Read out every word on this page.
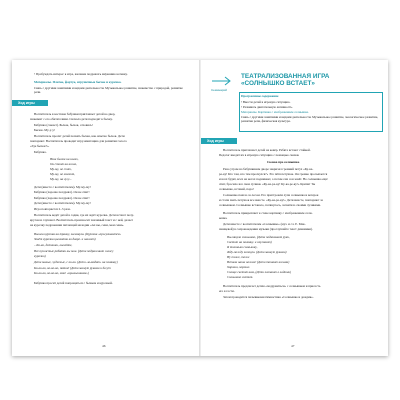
• Пробуждать интерес к игре, желание подражать мяуканию котенку.
Материалы. Платок, фартук, игрушечные бычок и курочка.
Связь с другими занятиями и видами деятельности. Музыкальное развитие, знакомство с природой, развитие речи.
Ход игры
Воспитатель в костюме бабушки приглашает детей во двор,
знакомит с его обитателями. Сначала дети подходят к бычку.
Бабушка (сажает). Бычок, бычок, отзовись!
Бычок. Му-у-у!
Воспитатель просит детей позвать бычка, как опытно бычок. Дети
повторяют. Воспитатель проводит игру-имитацию для развития голоса
«Где бычок?».
Бабушка.
Наш бычок на ногах,
Он стоит на ногах,
Му-му, не спит,
Му-му, не молчит,
Му-му, на лугу...
Дети (вместе с воспитателем). Му-му-му!
Бабушка (хорошо поздравл). Он не спит!
Бабушка (хорошо поздравл). Он не спит!
Дети (вместе с воспитателем). Му-му-му!
Игра повторяется 2–3 раза.
Воспитатель ведёт детей в садик, где их ждёт курочка. Дети встают полу-
кругом и слушают. Воспитатель произносит значимый текст и с ней, делает
на курочку подражания читающей мелодии «Ах вы, сени, мои сени».
Вышла курочка на травку, заглянула. (Курочка «прогуливается»
Зовёт курочка цыпляток во дворе. и шагает)
– Ко-ко, детишки, выпейте,
Все пушистые ребятки вы мои. (Дети подражают голосу
курочки)
Дети малые, чудесные, с ко-ко. (Дети «выходят» на полянку)
Ко-ко-ко, ко-ко-ко, пятки! (Дети машут руками и бегут
Ко-ко-ко, ко-ко-ко, мои! «крылышками»)
Бабушка просит детей попрощаться с бычком и курочкой.
46
Семинарий
ТЕАТРАЛИЗОВАННАЯ ИГРА
«СОЛНЫШКО ВСТАЕТ»
Программное содержание
• Ввести детей в игровую ситуацию.
• Развивать двигательную активность.
Материалы. Картинка с изображением солнышка.
Связь с другими занятиями и видами деятельности. Музыкальное развитие, экологическое развитие, развитие речи, физическая культура.
Ход игры
Воспитатель приглашает детей на ковёр. Ребята встают стайкой.
Педагог вводит их в игровую ситуацию с помощью сказки.
Сказка про солнышко
Рано утром на бабушкином дворе закричал громкий петух «Ку-ка-
ре-ку! Кто там, кто там проснулся?» Это пётя петушок. Он громко просыпается
и всех будит, всех на ногах поднимает, а потом сам сон зовёт. Но солнышко ещё
спит, бросило все свои лучики. «Ку-ка-ре-ку! Ку-ка-ре-ку!» Кричит Ты
солнышко, вставай, пора!
Солнышко пошло за лесом. Его пристроили лучи солнышка и ветерок
и стали звать петушок все вместе. «Ку-ка-ре-ку!» Дети вместе, повторяют за
солнышком. Солнышко вставало, потянулось, засветило своими лучиками.
Воспитатель прикрепляет к стене картинку с изображением солн-
ышка.
Дети вместе с воспитателем «Солнышко» (муз. и сл. Е. Мак-
шанцевой) в сопровождении музыки (прослушайте текст динамики).
Выглянуло солнышко, (Дети поднимают руки,
Светит на полянку. и опускают)
Я тихонько солнышку,
Жду-пожду зеленую. (Дети машут руками)
Ну тоже, тоже
Встали наши ножки! (Дети топают ногами)
Хорошо, хорошо
Солнце светит нам, (Дети хлопают в ладоши)
Солнышко светит.
Воспитатель предлагает детям «подружиться» с солнышком и присесть
его в гости.
Затем проводится пальчиковая гимнастика «Солнышко и дождик».
47
